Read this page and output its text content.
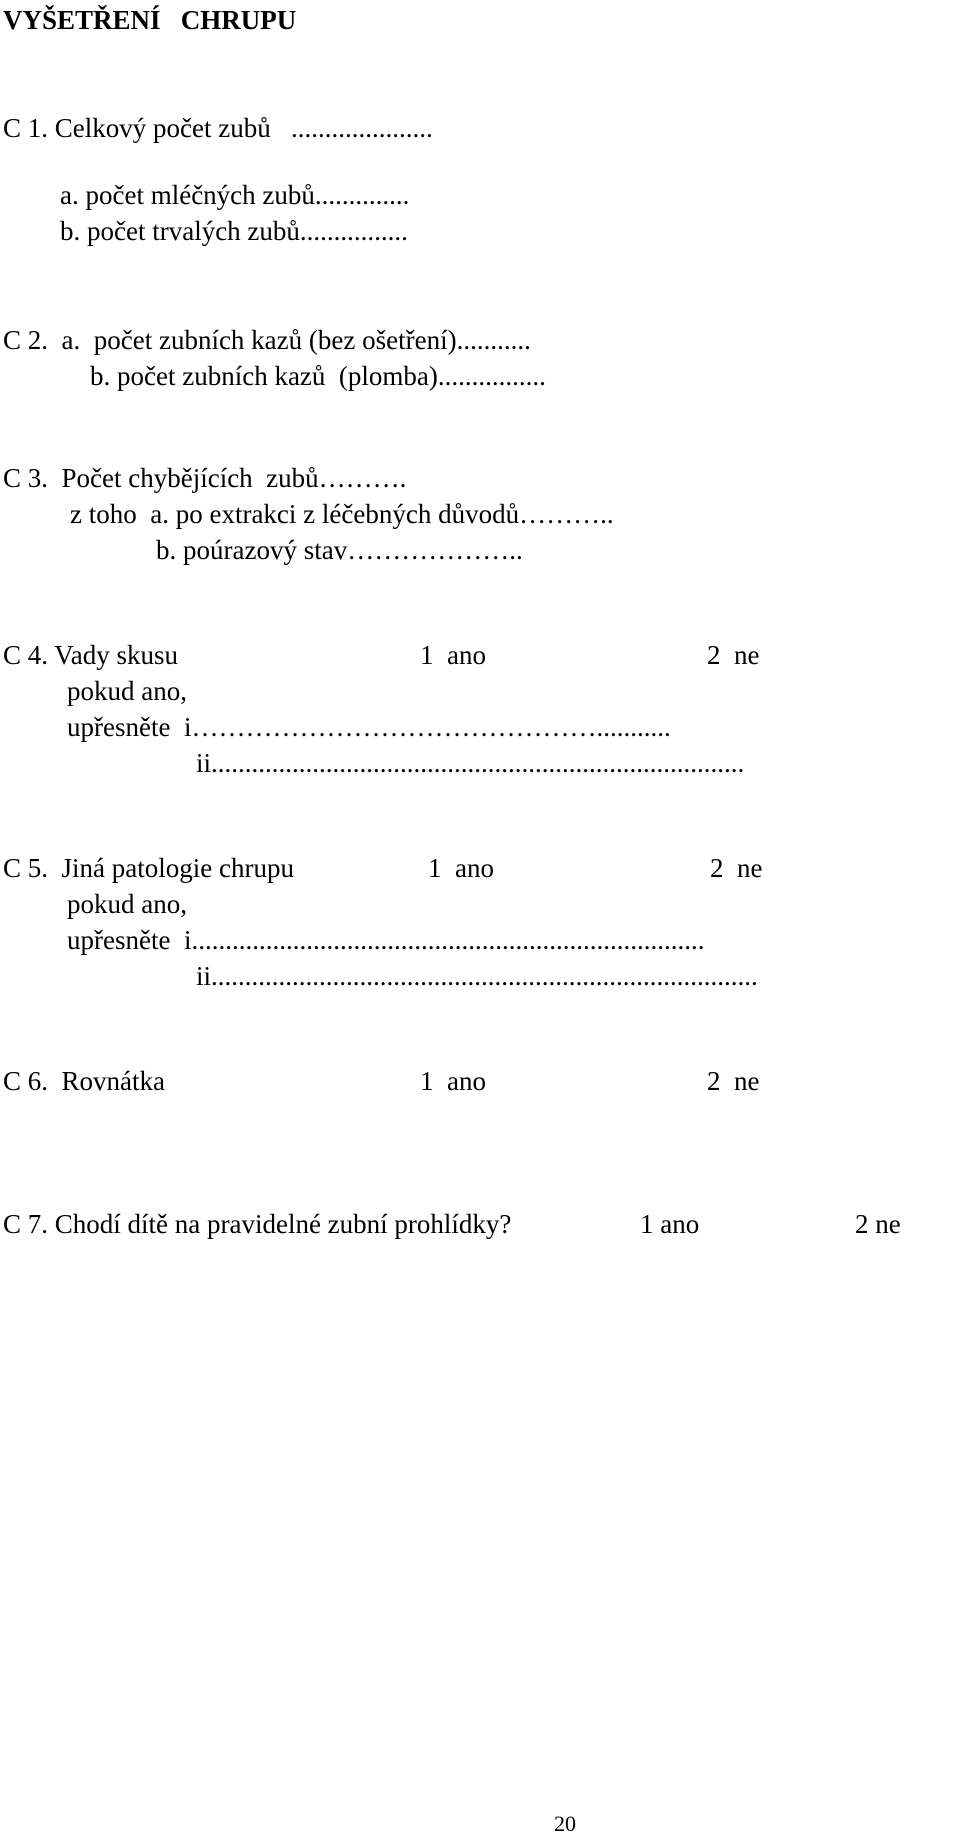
VYŠETŘENÍ   CHRUPU
C 1. Celkový počet zubů   .....................
a. počet mléčných zubů..............
b. počet trvalých zubů................
C 2.  a.  počet zubních kazů (bez ošetření)...........
b. počet zubních kazů  (plomba)................
C 3.  Počet chybějících  zubů……….
z toho  a. po extrakci z léčebných důvodů………..
b. poúrazový stav………………..
C 4. Vady skusu	1  ano	2  ne
pokud ano,
upřesněte  i………………………………………...........
ii...............................................................................
C 5.  Jiná patologie chrupu	1  ano	2  ne
pokud ano,
upřesněte  i............................................................................
ii.................................................................................
C 6.  Rovnátka	1  ano	2  ne
C 7. Chodí dítě na pravidelné zubní prohlídky?	1 ano	2 ne
20
